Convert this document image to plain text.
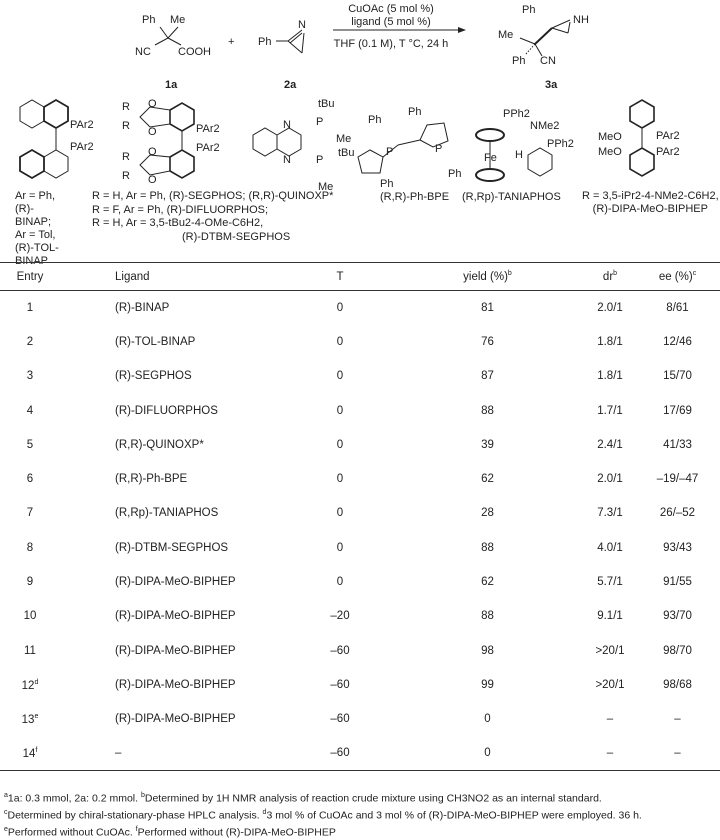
Ph Me
NC COOH
1a
+ Ph
N
2a
CuOAc (5 mol %)
ligand (5 mol %)
THF (0.1 M), T °C, 24 h
Ph
NH
Me
Ph CN
3a
PAr2
PAr2
R
R
R
R
O
O
O
O
PAr2
PAr2
N
N
P
P
tBu
Me
tBu
Me
Ph
Ph
Ph
Ph
P	P
Fe
PPh2
NMe2
H
PPh2
MeO
MeO
PAr2
PAr2
Ar = Ph,
(R)-
BINAP;
Ar = Tol,
(R)-TOL-
BINAP
R = H, Ar = Ph, (R)-SEGPHOS; (R,R)-QUINOXP*
R = F, Ar = Ph, (R)-DIFLUORPHOS;
R = H, Ar = 3,5-tBu2-4-OMe-C6H2,
(R)-DTBM-SEGPHOS
(R,R)-Ph-BPE (R,Rp)-TANIAPHOS R = 3,5-iPr2-4-NMe2-C6H2,
(R)-DIPA-MeO-BIPHEP
Entry	Ligand	T	yield (%)$^b$	$dr^b$	ee (%)$^c$
1	(R)-BINAP	0	81	2.0/1	8/61
2	(R)-TOL-BINAP	0	76	1.8/1	12/46
3	(R)-SEGPHOS	0	87	1.8/1	15/70
4	(R)-DIFLUORPHOS	0	88	1.7/1	17/69
5	(R,R)-QUINOXP*	0	39	2.4/1	41/33
6	(R,R)-Ph-BPE	0	62	2.0/1	–19/–47
7	(R,Rp)-TANIAPHOS	0	28	7.3/1	26/–52
8	(R)-DTBM-SEGPHOS	0	88	4.0/1	93/43
9	(R)-DIPA-MeO-BIPHEP	0	62	5.7/1	91/55
10	(R)-DIPA-MeO-BIPHEP	–20	88	9.1/1	93/70
11	(R)-DIPA-MeO-BIPHEP	–60	98	>20/1	98/70
12$^d$	(R)-DIPA-MeO-BIPHEP	–60	99	>20/1	98/68
13e	(R)-DIPA-MeO-BIPHEP	–60	0	–	–
14$^f$	–	–60	0	–	–
$^a$1a: 0.3 mmol, 2a: 0.2 mmol. $^b$Determined by 1H NMR analysis of reaction crude mixture using CH3NO2 as an internal standard.
$^c$Determined by chiral-stationary-phase HPLC analysis. $^d$3 mol % of CuOAc and 3 mol % of (R)-DIPA-MeO-BIPHEP were employed. 36 h.
$^e$Performed without CuOAc. $^f$Performed without (R)-DIPA-MeO-BIPHEP
